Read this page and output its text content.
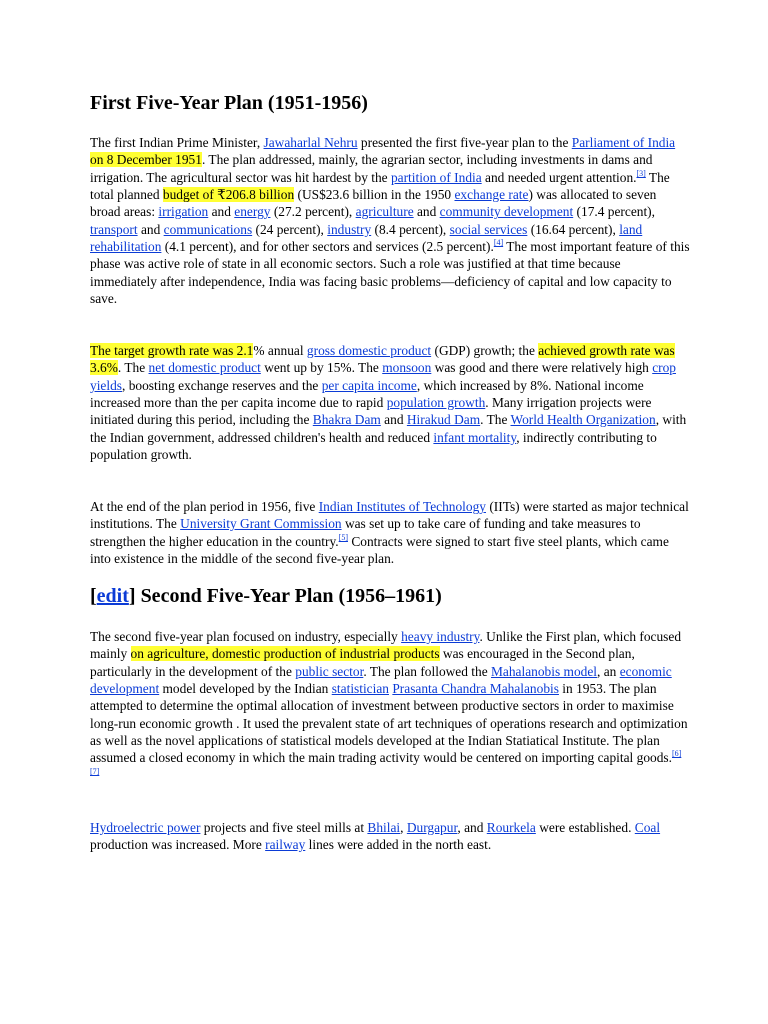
First Five-Year Plan (1951-1956)

The first Indian Prime Minister, Jawaharlal Nehru presented the first five-year plan to the Parliament of India on 8 December 1951. The plan addressed, mainly, the agrarian sector, including investments in dams and irrigation. The agricultural sector was hit hardest by the partition of India and needed urgent attention.[3] The total planned budget of ₹206.8 billion (US$23.6 billion in the 1950 exchange rate) was allocated to seven broad areas: irrigation and energy (27.2 percent), agriculture and community development (17.4 percent), transport and communications (24 percent), industry (8.4 percent), social services (16.64 percent), land rehabilitation (4.1 percent), and for other sectors and services (2.5 percent).[4] The most important feature of this phase was active role of state in all economic sectors. Such a role was justified at that time because immediately after independence, India was facing basic problems—deficiency of capital and low capacity to save.

The target growth rate was 2.1% annual gross domestic product (GDP) growth; the achieved growth rate was 3.6%. The net domestic product went up by 15%. The monsoon was good and there were relatively high crop yields, boosting exchange reserves and the per capita income, which increased by 8%. National income increased more than the per capita income due to rapid population growth. Many irrigation projects were initiated during this period, including the Bhakra Dam and Hirakud Dam. The World Health Organization, with the Indian government, addressed children's health and reduced infant mortality, indirectly contributing to population growth.

At the end of the plan period in 1956, five Indian Institutes of Technology (IITs) were started as major technical institutions. The University Grant Commission was set up to take care of funding and take measures to strengthen the higher education in the country.[5] Contracts were signed to start five steel plants, which came into existence in the middle of the second five-year plan.

[edit] Second Five-Year Plan (1956–1961)

The second five-year plan focused on industry, especially heavy industry. Unlike the First plan, which focused mainly on agriculture, domestic production of industrial products was encouraged in the Second plan, particularly in the development of the public sector. The plan followed the Mahalanobis model, an economic development model developed by the Indian statistician Prasanta Chandra Mahalanobis in 1953. The plan attempted to determine the optimal allocation of investment between productive sectors in order to maximise long-run economic growth . It used the prevalent state of art techniques of operations research and optimization as well as the novel applications of statistical models developed at the Indian Statiatical Institute. The plan assumed a closed economy in which the main trading activity would be centered on importing capital goods.[6][7]

Hydroelectric power projects and five steel mills at Bhilai, Durgapur, and Rourkela were established. Coal production was increased. More railway lines were added in the north east.
